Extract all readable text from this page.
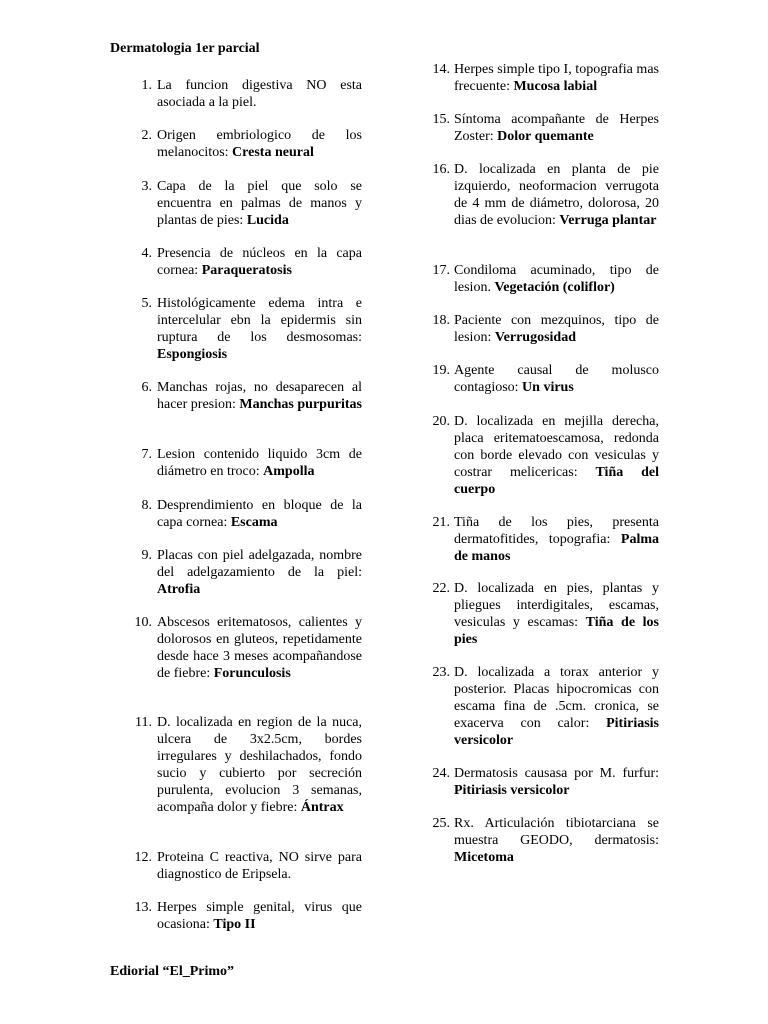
Dermatologia 1er parcial
1. La funcion digestiva NO esta asociada a la piel.
2. Origen embriologico de los melanocitos: Cresta neural
3. Capa de la piel que solo se encuentra en palmas de manos y plantas de pies: Lucida
4. Presencia de núcleos en la capa cornea: Paraqueratosis
5. Histológicamente edema intra e intercelular ebn la epidermis sin ruptura de los desmosomas: Espongiosis
6. Manchas rojas, no desaparecen al hacer presion: Manchas purpuritas
7. Lesion contenido liquido 3cm de diámetro en troco: Ampolla
8. Desprendimiento en bloque de la capa cornea: Escama
9. Placas con piel adelgazada, nombre del adelgazamiento de la piel: Atrofia
10. Abscesos eritematosos, calientes y dolorosos en gluteos, repetidamente desde hace 3 meses acompañandose de fiebre: Forunculosis
11. D. localizada en region de la nuca, ulcera de 3x2.5cm, bordes irregulares y deshilachados, fondo sucio y cubierto por secreción purulenta, evolucion 3 semanas, acompaña dolor y fiebre: Ántrax
12. Proteina C reactiva, NO sirve para diagnostico de Eripsela.
13. Herpes simple genital, virus que ocasiona: Tipo II
14. Herpes simple tipo I, topografia mas frecuente: Mucosa labial
15. Síntoma acompañante de Herpes Zoster: Dolor quemante
16. D. localizada en planta de pie izquierdo, neoformacion verrugota de 4 mm de diámetro, dolorosa, 20 dias de evolucion: Verruga plantar
17. Condiloma acuminado, tipo de lesion. Vegetación (coliflor)
18. Paciente con mezquinos, tipo de lesion: Verrugosidad
19. Agente causal de molusco contagioso: Un virus
20. D. localizada en mejilla derecha, placa eritematoescamosa, redonda con borde elevado con vesiculas y costrar melicericas: Tiña del cuerpo
21. Tiña de los pies, presenta dermatofitides, topografia: Palma de manos
22. D. localizada en pies, plantas y pliegues interdigitales, escamas, vesiculas y escamas: Tiña de los pies
23. D. localizada a torax anterior y posterior. Placas hipocromicas con escama fina de .5cm. cronica, se exacerva con calor: Pitiriasis versicolor
24. Dermatosis causasa por M. furfur: Pitiriasis versicolor
25. Rx. Articulación tibiotarciana se muestra GEODO, dermatosis: Micetoma
Ediorial “El_Primo”
